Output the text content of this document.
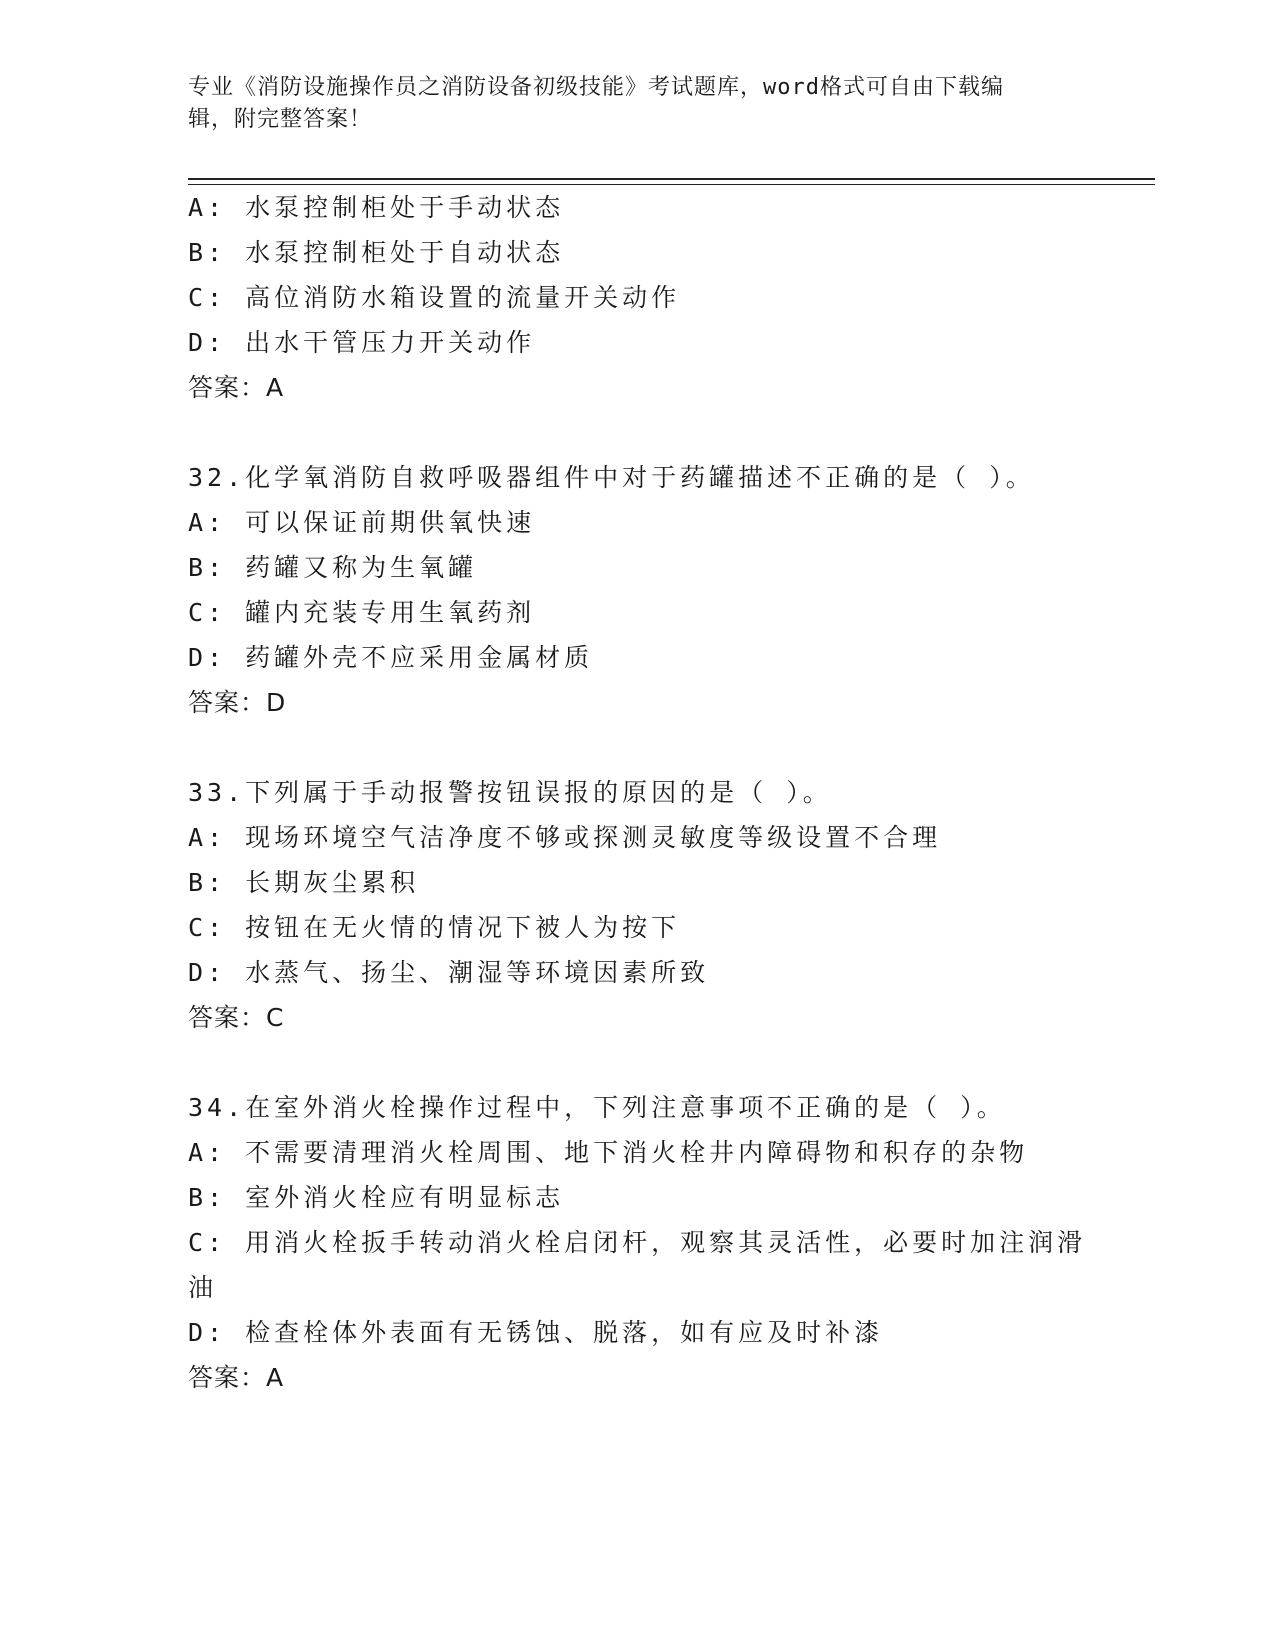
专业《消防设施操作员之消防设备初级技能》考试题库，word格式可自由下载编
辑，附完整答案！
A: 水泵控制柜处于手动状态
B: 水泵控制柜处于自动状态
C: 高位消防水箱设置的流量开关动作
D: 出水干管压力开关动作
答案：A
32.化学氧消防自救呼吸器组件中对于药罐描述不正确的是（ ）。
A: 可以保证前期供氧快速
B: 药罐又称为生氧罐
C: 罐内充装专用生氧药剂
D: 药罐外壳不应采用金属材质
答案：D
33.下列属于手动报警按钮误报的原因的是（ ）。
A: 现场环境空气洁净度不够或探测灵敏度等级设置不合理
B: 长期灰尘累积
C: 按钮在无火情的情况下被人为按下
D: 水蒸气、扬尘、潮湿等环境因素所致
答案：C
34.在室外消火栓操作过程中，下列注意事项不正确的是（ ）。
A: 不需要清理消火栓周围、地下消火栓井内障碍物和积存的杂物
B: 室外消火栓应有明显标志
C: 用消火栓扳手转动消火栓启闭杆，观察其灵活性，必要时加注润滑
油
D: 检查栓体外表面有无锈蚀、脱落，如有应及时补漆
答案：A
